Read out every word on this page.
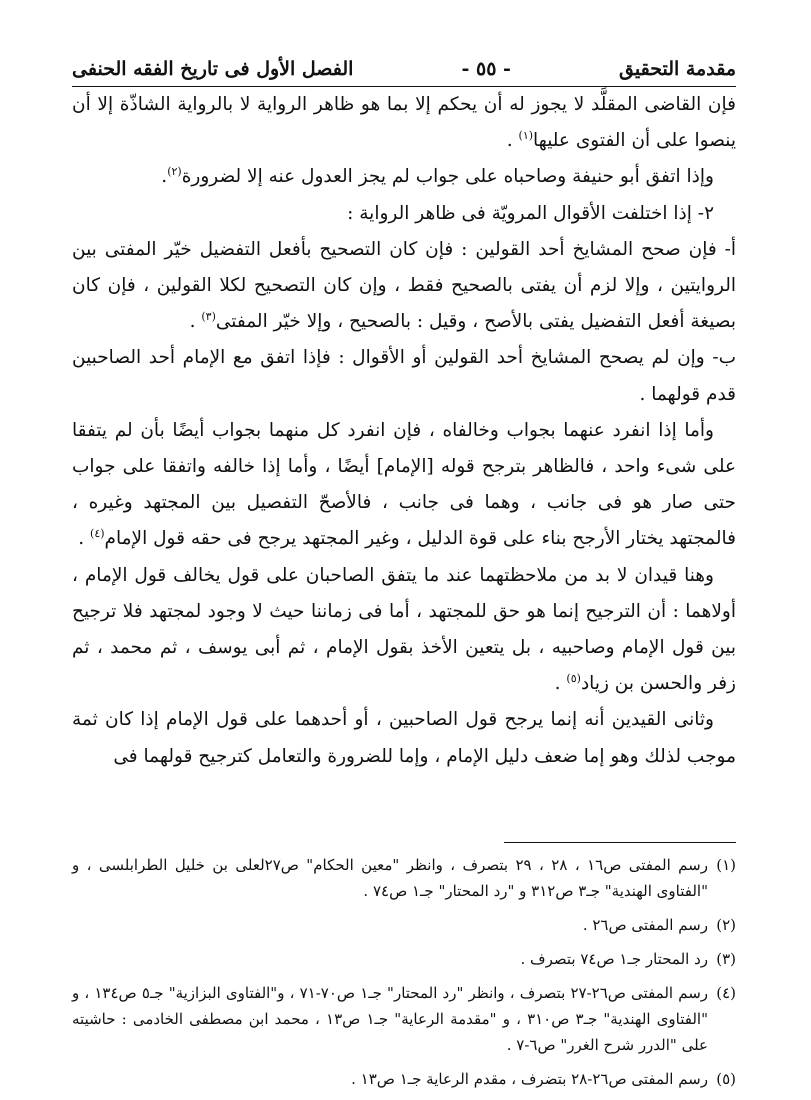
مقدمة التحقيق
- ٥٥ -
الفصل الأول فى تاريخ الفقه الحنفى

فإن القاضى المقلَّد لا يجوز له أن يحكم إلا بما هو ظاهر الرواية لا بالرواية الشاذّة إلا أن ينصوا على أن الفتوى عليها$^{(١)}$ .

وإذا اتفق أبو حنيفة وصاحباه على جواب لم يجز العدول عنه إلا لضرورة$^{(٢)}$.

٢- إذا اختلفت الأقوال المرويّة فى ظاهر الرواية :

أ- فإن صحح المشايخ أحد القولين : فإن كان التصحيح بأفعل التفضيل خيّر المفتى بين الروايتين ، وإلا لزم أن يفتى بالصحيح فقط ، وإن كان التصحيح لكلا القولين ، فإن كان بصيغة أفعل التفضيل يفتى بالأصح ، وقيل : بالصحيح ، وإلا خيّر المفتى$^{(٣)}$ .

ب- وإن لم يصحح المشايخ أحد القولين أو الأقوال : فإذا اتفق مع الإمام أحد الصاحبين قدم قولهما .

وأما إذا انفرد عنهما بجواب وخالفاه ، فإن انفرد كل منهما بجواب أيضًا بأن لم يتفقا على شىء واحد ، فالظاهر بترجح قوله [الإمام] أيضًا ، وأما إذا خالفه واتفقا على جواب حتى صار هو فى جانب ، وهما فى جانب ، فالأصحّ التفصيل بين المجتهد وغيره ، فالمجتهد يختار الأرجح بناء على قوة الدليل ، وغير المجتهد يرجح فى حقه قول الإمام$^{(٤)}$ .

وهنا قيدان لا بد من ملاحظتهما عند ما يتفق الصاحبان على قول يخالف قول الإمام ، أولاهما : أن الترجيح إنما هو حق للمجتهد ، أما فى زماننا حيث لا وجود لمجتهد فلا ترجيح بين قول الإمام وصاحبيه ، بل يتعين الأخذ بقول الإمام ، ثم أبى يوسف ، ثم محمد ، ثم زفر والحسن بن زياد$^{(٥)}$ .

وثانى القيدين أنه إنما يرجح قول الصاحبين ، أو أحدهما على قول الإمام إذا كان ثمة موجب لذلك وهو إما ضعف دليل الإمام ، وإما للضرورة والتعامل كترجيح قولهما فى

(١)
رسم المفتى ص١٦ ، ٢٨ ، ٢٩ بتصرف ، وانظر "معين الحكام" ص٢٧لعلى بن خليل الطرابلسى ، و "الفتاوى الهندية" جـ٣ ص٣١٢ و "رد المحتار" جـ١ ص٧٤ .
(٢)
رسم المفتى ص٢٦ .
(٣)
رد المحتار جـ١ ص٧٤ بتصرف .
(٤)
رسم المفتى ص٢٦-٢٧ بتصرف ، وانظر "رد المحتار" جـ١ ص٧٠-٧١ ، و"الفتاوى البزازية" جـ٥ ص١٣٤ ، و "الفتاوى الهندية" جـ٣ ص٣١٠ ، و "مقدمة الرعاية" جـ١ ص١٣ ، محمد ابن مصطفى الخادمى : حاشيته على "الدرر شرح الغرر" ص٦-٧ .
(٥)
رسم المفتى ص٢٦-٢٨ بتضرف ، مقدم الرعاية جـ١ ص١٣ .
